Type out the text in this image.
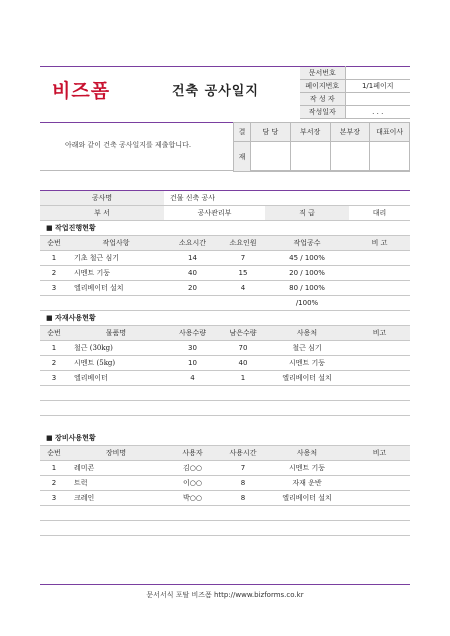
비즈폼	건축 공사일지
문서번호	
페이지번호	1/1페이지
작 성 자	
작성일자	. . .
아래와 같이 건축 공사일지를 제출합니다.
결	담 당	부서장	본부장	대표이사
재				
공사명		건물 신축 공사			
부 서		공사관리부		직 급	대리
■ 작업진행현황					
순번	작업사항	소요시간	소요인원	작업공수	비 고
1	기초 철근 심기	14	7	45 / 100%	
2	시멘트 기둥	40	15	20 / 100%	
3	엘리베이터 설치	20	4	80 / 100%	
				/100%	
■ 자재사용현황					
순번	물품명	사용수량	남은수량	사용처	비고
1	철근 (30kg)	30	70	철근 심기	
2	시멘트 (5kg)	10	40	시멘트 기둥	
3	엘리베이터	4	1	엘리베이터 설치	

■ 장비사용현황					
순번	장비명	사용자	사용시간	사용처	비고
1	레미콘	김○○	7	시멘트 기둥	
2	트럭	이○○	8	자재 운반	
3	크레인	박○○	8	엘리베이터 설치	

문서서식 포탈 비즈폼 http://www.bizforms.co.kr
